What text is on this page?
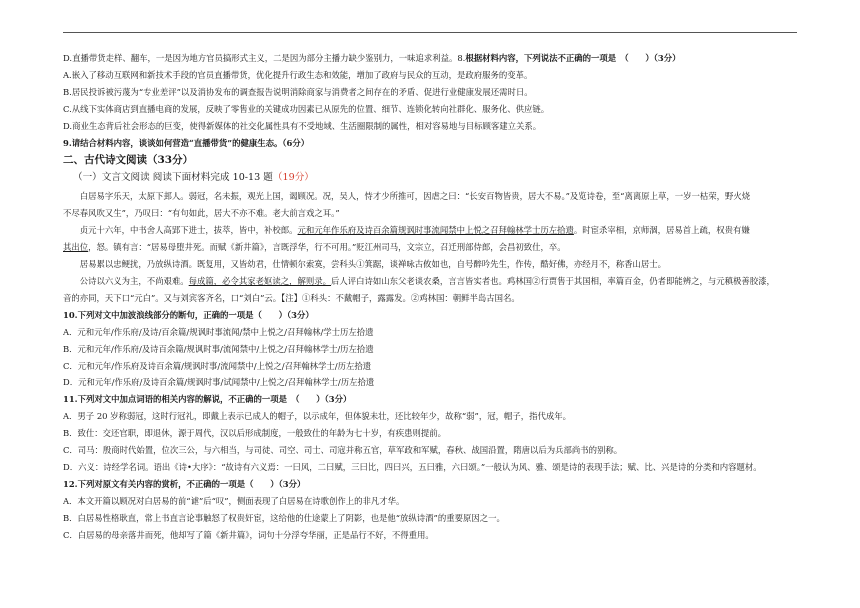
D.直播带货走样、翻车，一是因为地方官员搞形式主义，二是因为部分主播力缺少鉴别力，一味追求利益。8.根据材料内容，下列说法不正确的一项是　（　　）（3分）
A.嵌入了移动互联网和新技术手段的官员直播带货，优化提升行政生态和效能，增加了政府与民众的互动，是政府服务的变革。
B.居民投诉被污蔑为“专业差评”以及消协发布的调查报告说明消除商家与消费者之间存在的矛盾、促进行业健康发展还需时日。
C.从线下实体商店到直播电商的发展，反映了零售业的关键成功因素已从原先的位置、细节、连锁化转向社群化、服务化、供应链。
D.商业生态背后社会形态的巨变，使得新媒体的社交化属性具有不受地域、生活圈限制的属性，相对容易地与目标顾客建立关系。
9.请结合材料内容，谈谈如何营造“直播带货”的健康生态。（6分）
二、古代诗文阅读（33分）
（一）文言文阅读 阅读下面材料完成 10-13 题（19分）
白居易字乐天，太原下邽人。弱冠，名未振，观光上国，谒顾况。况，吴人，恃才少所推可，因虐之曰：“长安百物皆贵，居大不易。”及览诗卷，至“离离原上草，一岁一枯荣，野火烧
不尽春风吹又生”，乃叹曰：“有句如此，居大不亦不难。老大前言戏之耳。”
贞元十六年，中书舍人高郢下进士，拔萃，皆中，补校郎。元和元年作乐府及诗百余篇规讽时事流闻禁中上悦之召拜翰林学士历左拾遗。时宦杀宰相，京师涸，居易首上疏，权贵有嫌
其出位，怒。镇有言：“居易母堕井死。而赋《新井篇》，言既浮华，行不可用。”贬江州司马，文宗立，召迁刑部侍郎，会昌初致仕，卒。
居易累以忠鲠扰，乃放纵诗酒。既复用，又皆幼君，仕情顿尔索寞，尝科头①箕踞，谈禅咏古攸如也，自号醉吟先生，作传，酷好佛，亦经月不，称香山居士。
公诗以六义为主，不尚艰难。每成篇，必令其家老妪读之，解则录。后人评白诗如山东父老谈农桑，言言皆实者也。鸡林国②行贾售于其国相，率篇百金，仍者即能辨之，与元稹极善胶漆，
音的亦同，天下口“元白”。又与刘宾客齐名，口“刘白”云。【注】①科头：不戴帽子，露露发。②鸡林国：朝鲜半岛古国名。
10.下列对文中加波浪线部分的断句，正确的一项是（　　）（3分）
A．元和元年/作乐府/及诗/百余篇/规讽时事流闻/禁中上悦之/召拜翰林/学士历左拾遗
B．元和元年/作乐府/及诗百余篇/规讽时事/流闻禁中/上悦之/召拜翰林学士/历左拾遗
C．元和元年/作乐府及诗百余篇/规讽时事/流闻禁中/上悦之/召拜翰林学士/历左拾遗
D．元和元年/作乐府/及诗百余篇/规讽时事/试闻禁中/上悦之/召拜翰林学士/历左拾遗
11.下列对文中加点词语的相关内容的解说，不正确的一项是　（　　）（3分）
A．男子 20 岁称弱冠，这时行冠礼，即戴上表示已成人的帽子，以示成年，但体貌未壮，还比较年少，故称“弱”，冠，帽子，指代成年。
B．致仕：交还官职，即退休，源于周代，汉以后形成制度，一般致仕的年龄为七十岁，有疾患则提前。
C．司马：殷商时代始置，位次三公，与六相当，与司徒、司空、司士、司寇并称五官，草军政和军赋，春秋、战国沿置，隋唐以后为兵部尚书的别称。
D．六义：诗经学名词。语出《诗•大序》：“故诗有六义焉：一曰风，二曰赋，三曰比，四曰兴，五曰雅，六曰颂。”一般认为风、雅、颂是诗的表现手法；赋、比、兴是诗的分类和内容题材。
12.下列对原文有关内容的赏析，不正确的一项是（　　）（3分）
A．本文开篇以顾况对白居易的前“谑”后“叹”，侧面表现了白居易在诗歌创作上的非凡才华。
B．白居易性格耿直，常上书直言论事触怒了权贵奸宦，这给他的仕途蒙上了阴影，也是他“放纵诗酒”的重要原因之一。
C．白居易的母亲落井而死，他却写了篇《新井篇》，词句十分浮夸华丽，正是品行不好，不得重用。
